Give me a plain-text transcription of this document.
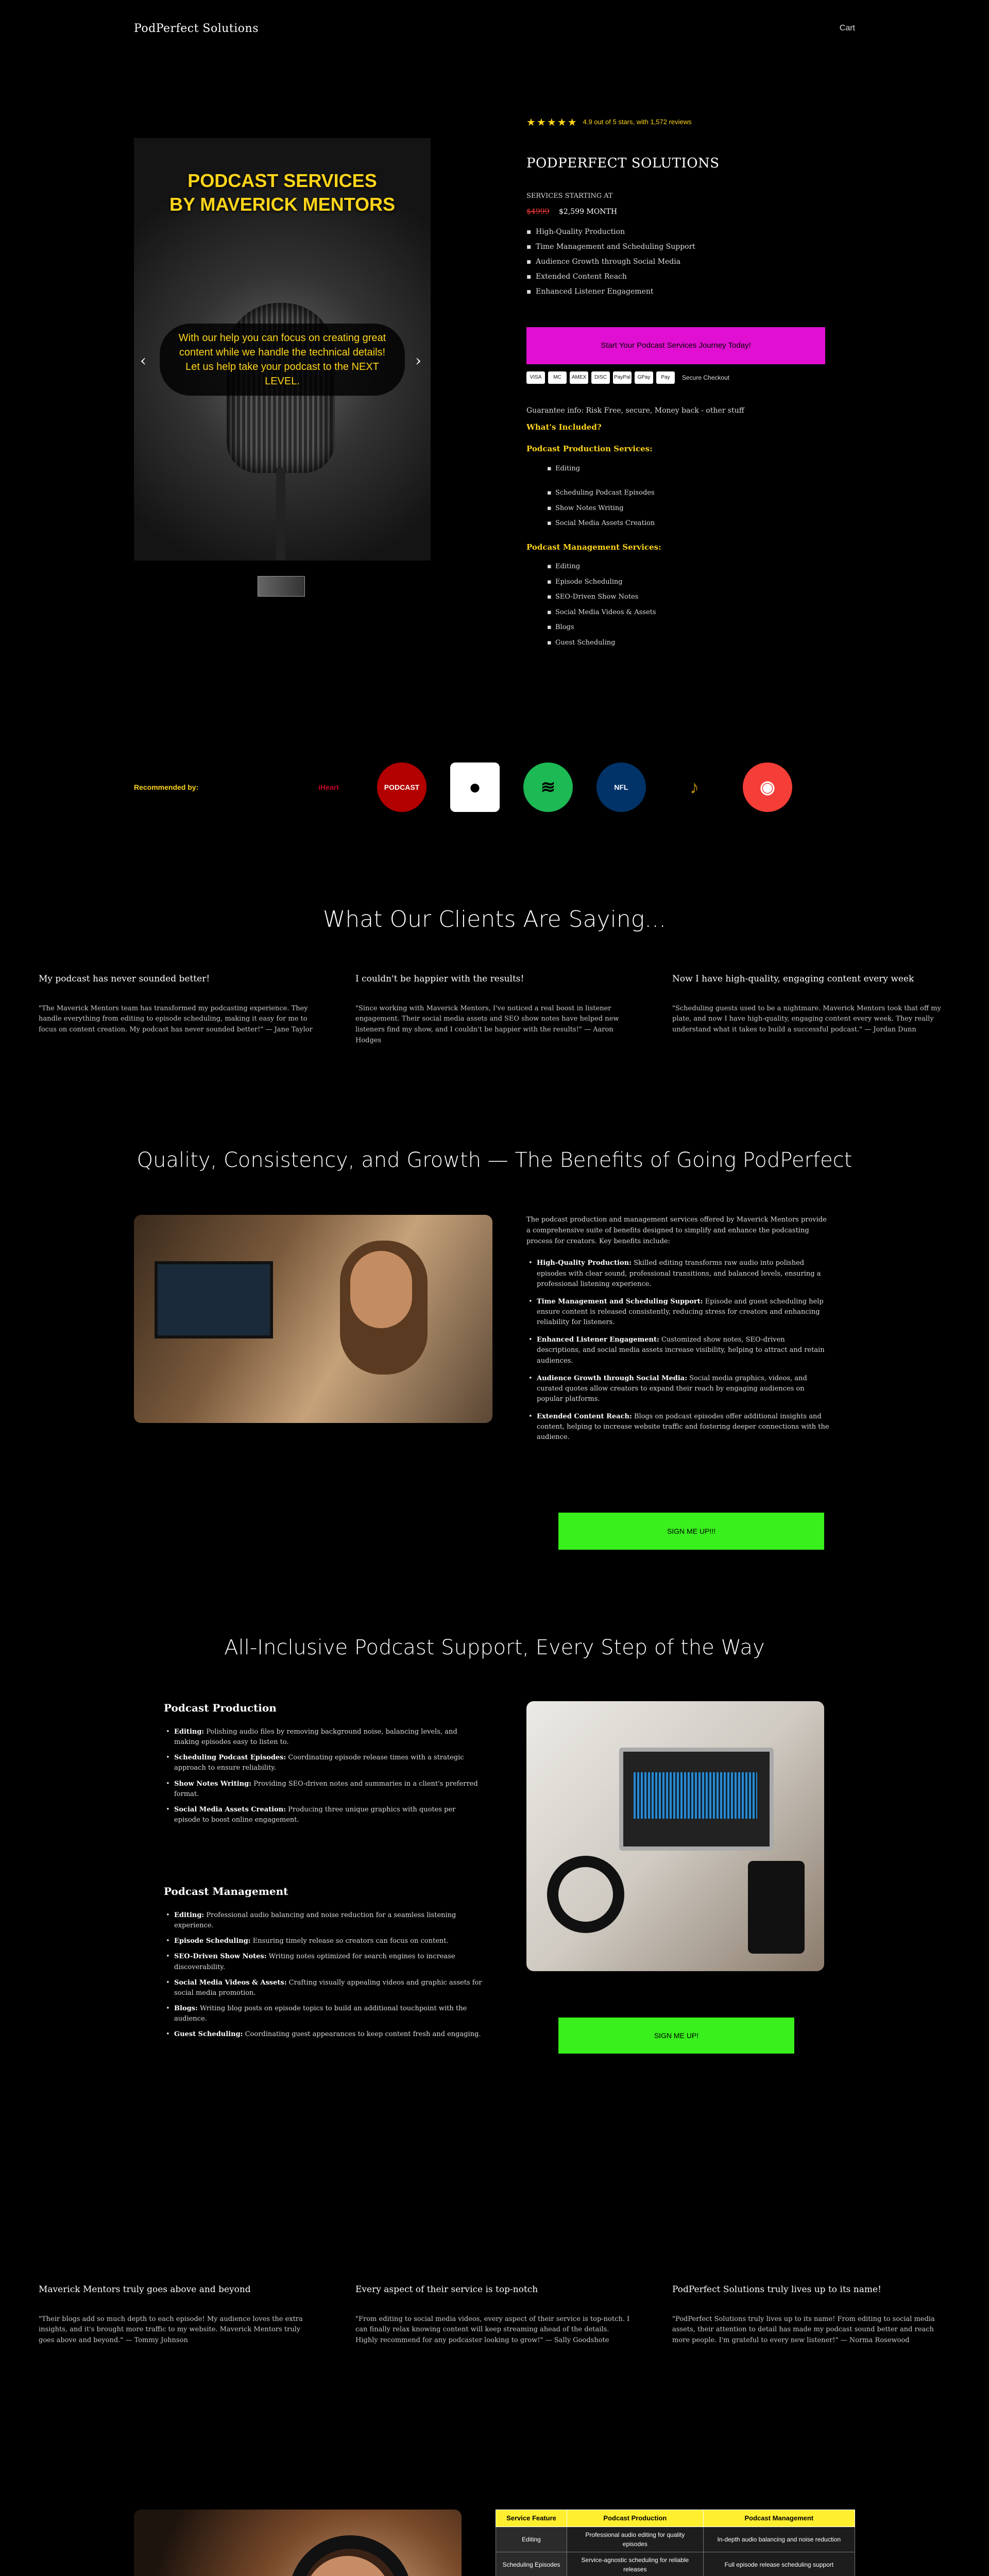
PodPerfect Solutions	Cart
PODCAST SERVICES
BY MAVERICK MENTORS
With our help you can focus on creating great content while we handle the technical details! Let us help take your podcast to the NEXT LEVEL.
‹	›
★★★★★ 4.9 out of 5 stars, with 1,572 reviews
PODPERFECT SOLUTIONS
SERVICES STARTING AT
$4999 $2,599 MONTH
▪ High-Quality Production
▪ Time Management and Scheduling Support
▪ Audience Growth through Social Media
▪ Extended Content Reach
▪ Enhanced Listener Engagement
Start Your Podcast Services Journey Today!
VISA	MC	AMEX	DISC	PayPal	GPay	Pay	Secure Checkout
Guarantee info: Risk Free, secure, Money back - other stuff
What's Included?
Podcast Production Services:
▪ Editing
▪ Scheduling Podcast Episodes
▪ Show Notes Writing
▪ Social Media Assets Creation
Podcast Management Services:
▪ Editing
▪ Episode Scheduling
▪ SEO-Driven Show Notes
▪ Social Media Videos & Assets
▪ Blogs
▪ Guest Scheduling
Recommended by:	iHeart	PODCAST	●	≋	NFL	♪	◉
What Our Clients Are Saying...
My podcast has never sounded better!

"The Maverick Mentors team has transformed my podcasting experience. They handle everything from editing to episode scheduling, making it easy for me to focus on content creation. My podcast has never sounded better!" — Jane Taylor

I couldn't be happier with the results!

"Since working with Maverick Mentors, I've noticed a real boost in listener engagement. Their social media assets and SEO show notes have helped new listeners find my show, and I couldn't be happier with the results!" — Aaron Hodges

Now I have high-quality, engaging content every week

"Scheduling guests used to be a nightmare. Maverick Mentors took that off my plate, and now I have high-quality, engaging content every week. They really understand what it takes to build a successful podcast." — Jordan Dunn

Quality, Consistency, and Growth — The Benefits of Going PodPerfect

The podcast production and management services offered by Maverick Mentors provide a comprehensive suite of benefits designed to simplify and enhance the podcasting process for creators. Key benefits include:

• High-Quality Production: Skilled editing transforms raw audio into polished episodes with clear sound, professional transitions, and balanced levels, ensuring a professional listening experience.
• Time Management and Scheduling Support: Episode and guest scheduling help ensure content is released consistently, reducing stress for creators and enhancing reliability for listeners.
• Enhanced Listener Engagement: Customized show notes, SEO-driven descriptions, and social media assets increase visibility, helping to attract and retain audiences.
• Audience Growth through Social Media: Social media graphics, videos, and curated quotes allow creators to expand their reach by engaging audiences on popular platforms.
• Extended Content Reach: Blogs on podcast episodes offer additional insights and content, helping to increase website traffic and fostering deeper connections with the audience.
SIGN ME UP!!!
All-Inclusive Podcast Support, Every Step of the Way
Podcast Production
• Editing: Polishing audio files by removing background noise, balancing levels, and making episodes easy to listen to.
• Scheduling Podcast Episodes: Coordinating episode release times with a strategic approach to ensure reliability.
• Show Notes Writing: Providing SEO-driven notes and summaries in a client's preferred format.
• Social Media Assets Creation: Producing three unique graphics with quotes per episode to boost online engagement.
Podcast Management
• Editing: Professional audio balancing and noise reduction for a seamless listening experience.
• Episode Scheduling: Ensuring timely release so creators can focus on content.
• SEO-Driven Show Notes: Writing notes optimized for search engines to increase discoverability.
• Social Media Videos & Assets: Crafting visually appealing videos and graphic assets for social media promotion.
• Blogs: Writing blog posts on episode topics to build an additional touchpoint with the audience.
• Guest Scheduling: Coordinating guest appearances to keep content fresh and engaging.	SIGN ME UP!
Maverick Mentors truly goes above and beyond

"Their blogs add so much depth to each episode! My audience loves the extra insights, and it's brought more traffic to my website. Maverick Mentors truly goes above and beyond." — Tommy Johnson

Every aspect of their service is top-notch

"From editing to social media videos, every aspect of their service is top-notch. I can finally relax knowing content will keep streaming ahead of the details. Highly recommend for any podcaster looking to grow!" — Sally Goodshote

PodPerfect Solutions truly lives up to its name!

"PodPerfect Solutions truly lives up to its name! From editing to social media assets, their attention to detail has made my podcast sound better and reach more people. I'm grateful to every new listener!" — Norma Rosewood

Service Feature	Podcast Production	Podcast Management
Editing	Professional audio editing for quality episodes	In-depth audio balancing and noise reduction
Scheduling Episodes	Service-agnostic scheduling for reliable releases	Full episode release scheduling support
